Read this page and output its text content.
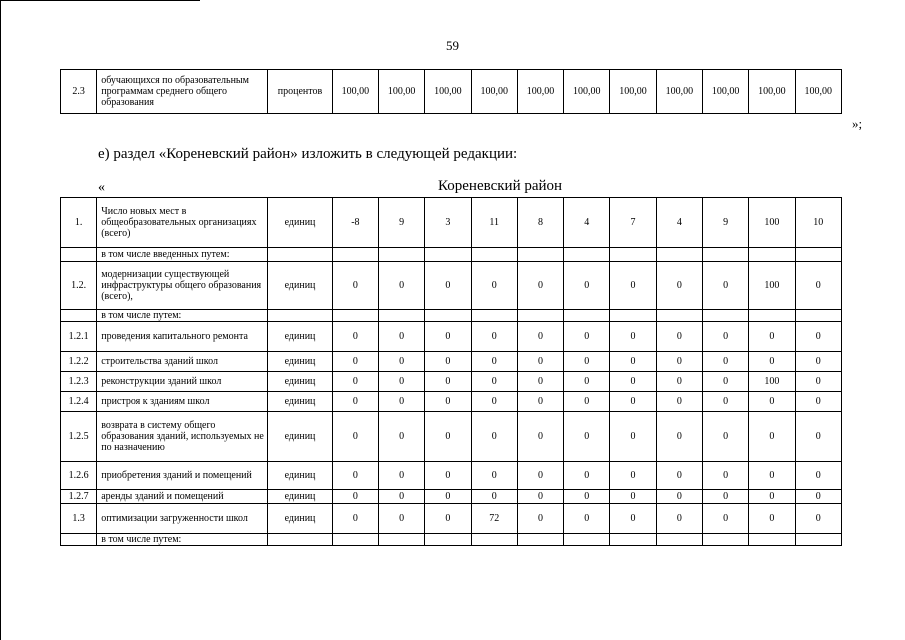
59
2.3	обучающихся по образовательным программам среднего общего образования	процентов	100,00	100,00	100,00	100,00	100,00	100,00	100,00	100,00	100,00	100,00	100,00
»;
е) раздел «Кореневский район» изложить в следующей редакции:
«	Кореневский район
1.	Число новых мест в общеобразовательных организациях (всего)	единиц	-8	9	3	11	8	4	7	4	9	100	10
	в том числе введенных путем:												
1.2.	модернизации существующей инфраструктуры общего образования (всего),	единиц	0	0	0	0	0	0	0	0	0	100	0
	в том числе путем:												
1.2.1	проведения капитального ремонта	единиц	0	0	0	0	0	0	0	0	0	0	0
1.2.2	строительства зданий школ	единиц	0	0	0	0	0	0	0	0	0	0	0
1.2.3	реконструкции зданий школ	единиц	0	0	0	0	0	0	0	0	0	100	0
1.2.4	пристроя к зданиям школ	единиц	0	0	0	0	0	0	0	0	0	0	0
1.2.5	возврата в систему общего образования зданий, используемых не по назначению	единиц	0	0	0	0	0	0	0	0	0	0	0
1.2.6	приобретения зданий и помещений	единиц	0	0	0	0	0	0	0	0	0	0	0
1.2.7	аренды зданий и помещений	единиц	0	0	0	0	0	0	0	0	0	0	0
1.3	оптимизации загруженности школ	единиц	0	0	0	72	0	0	0	0	0	0	0
	в том числе путем:												
